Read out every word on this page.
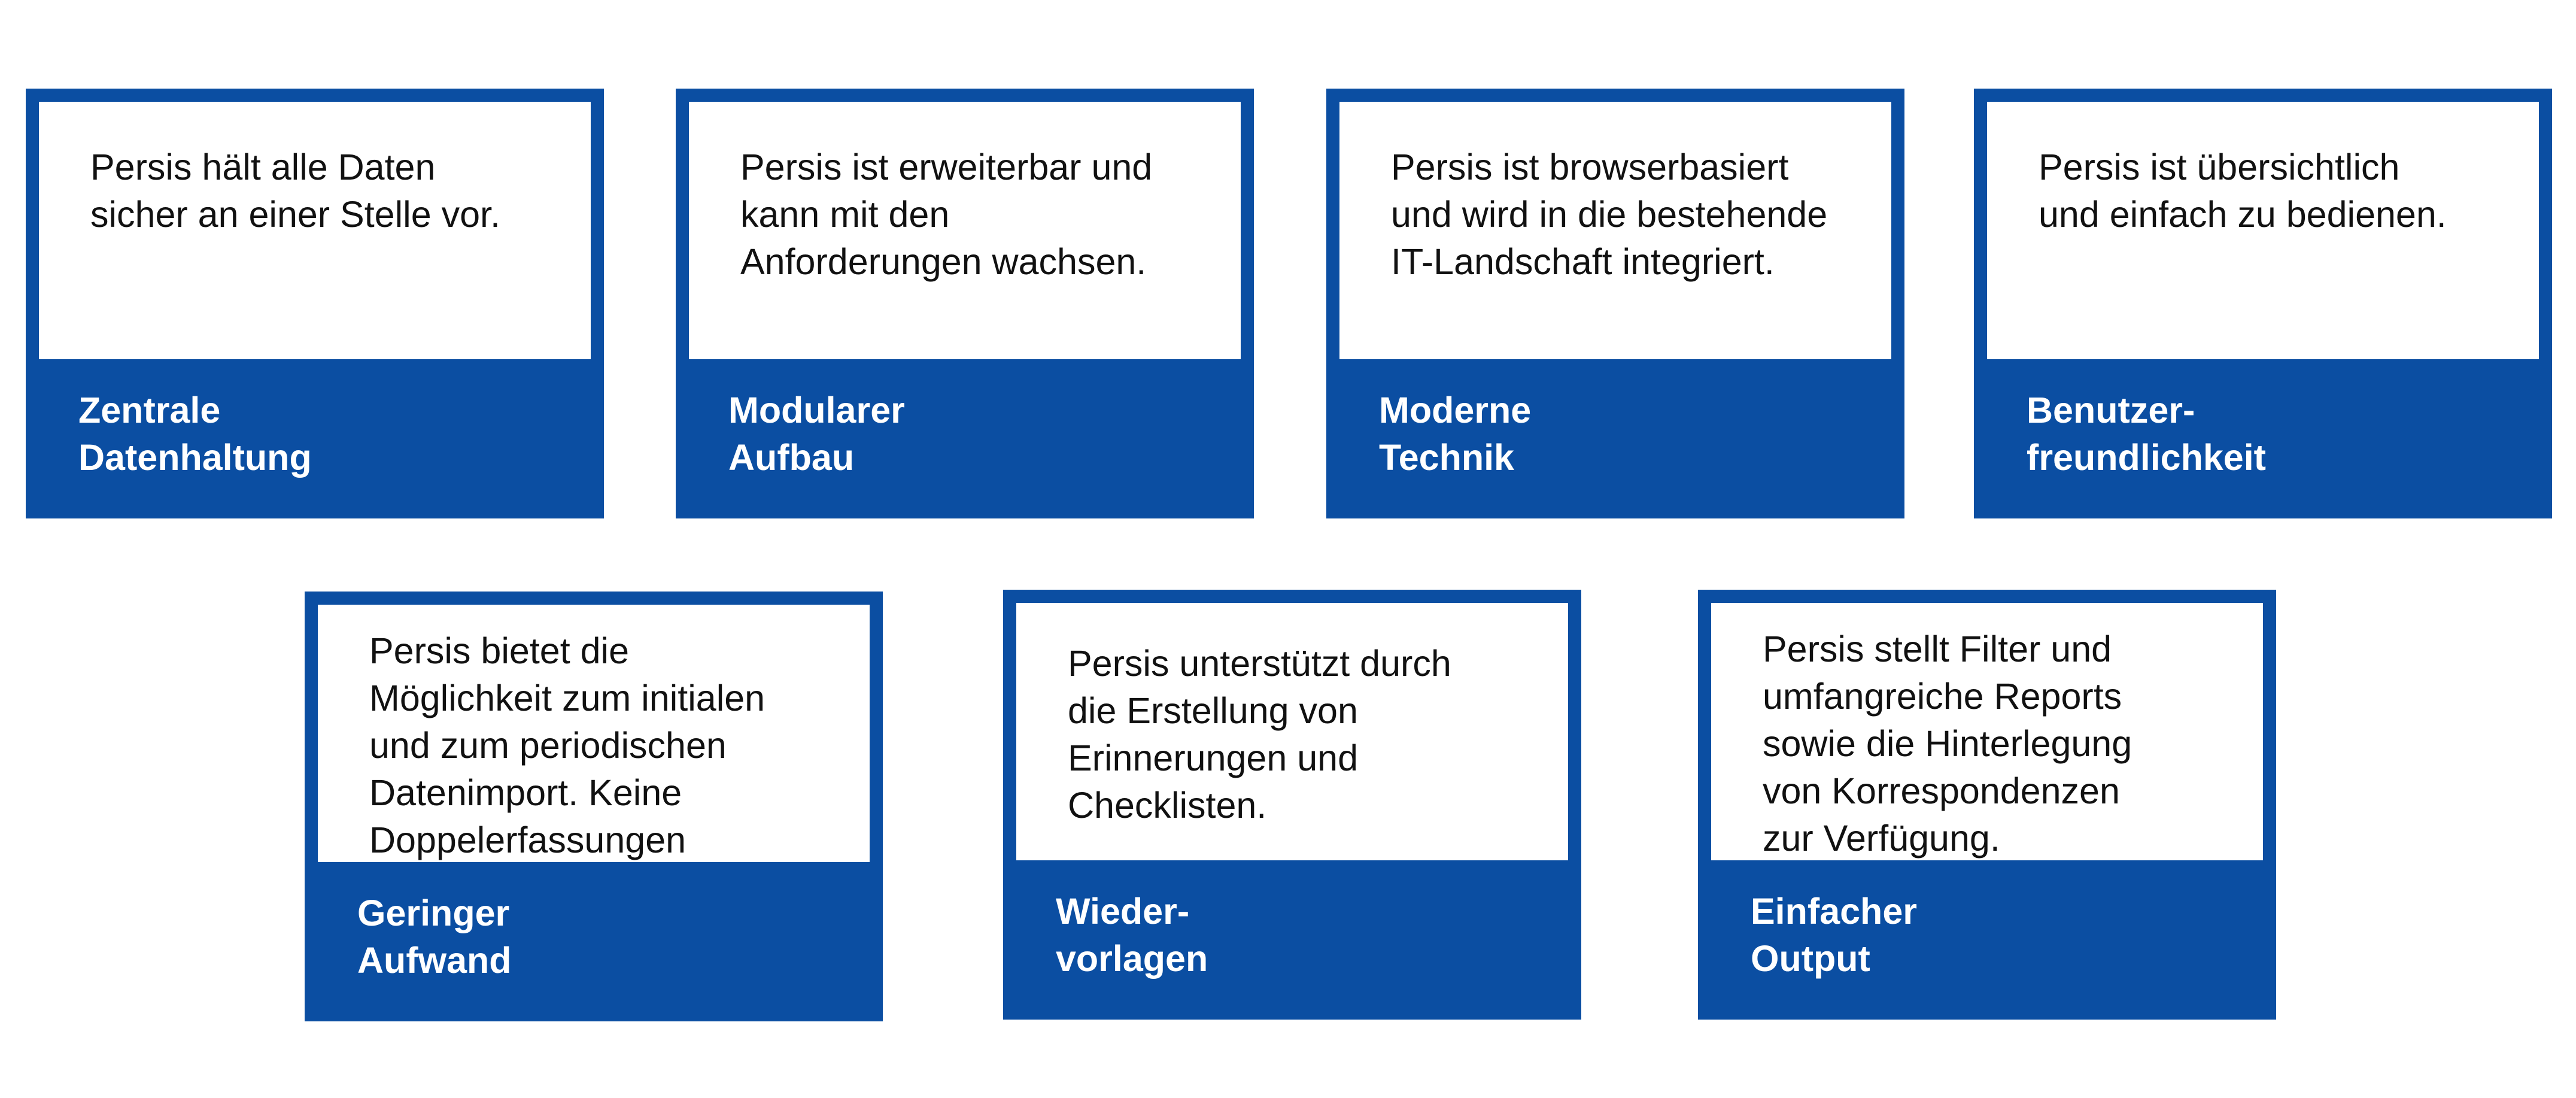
Persis hält alle Daten
sicher an einer Stelle vor.

Zentrale
Datenhaltung

Persis ist erweiterbar und
kann mit den
Anforderungen wachsen.

Modularer
Aufbau

Persis ist browserbasiert
und wird in die bestehende
IT-Landschaft integriert.

Moderne
Technik

Persis ist übersichtlich
und einfach zu bedienen.

Benutzer-
freundlichkeit

Persis bietet die
Möglichkeit zum initialen
und zum periodischen
Datenimport. Keine
Doppelerfassungen

Geringer
Aufwand

Persis unterstützt durch
die Erstellung von
Erinnerungen und
Checklisten.

Wieder-
vorlagen

Persis stellt Filter und
umfangreiche Reports
sowie die Hinterlegung
von Korrespondenzen
zur Verfügung.

Einfacher
Output
